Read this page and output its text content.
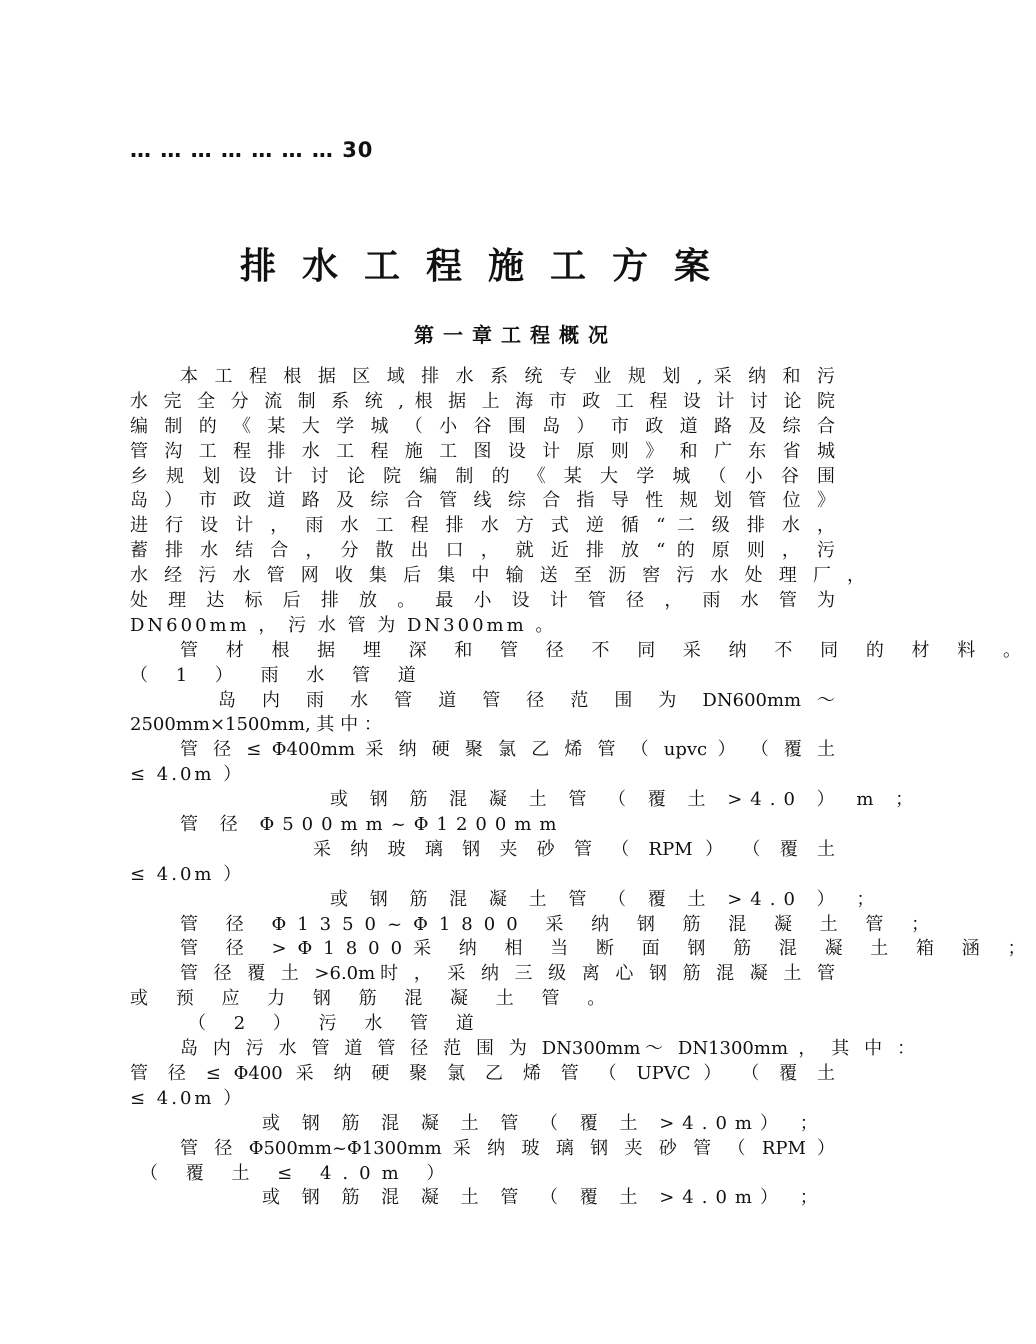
… … … … … … … 30
排水工程施工方案
第一章工程概况
本 工 程 根 据 区 域 排 水 系 统 专 业 规 划 , 采 纳 和 污
水 完 全 分 流 制 系 统 , 根 据 上 海 市 政 工 程 设 计 讨 论 院
编 制 的 《 某 大 学 城 （ 小 谷 围 岛 ） 市 政 道 路 及 综 合
管 沟 工 程 排 水 工 程 施 工 图 设 计 原 则 》 和 广 东 省 城
乡 规 划 设 计 讨 论 院 编 制 的 《 某 大 学 城 （ 小 谷 围
岛 ） 市 政 道 路 及 综 合 管 线 综 合 指 导 性 规 划 管 位 》
进 行 设 计 ， 雨 水 工 程 排 水 方 式 逆 循 “ 二 级 排 水 ，
蓄 排 水 结 合 ， 分 散 出 口 ， 就 近 排 放 “ 的 原 则 ， 污
水 经 污 水 管 网 收 集 后 集 中 输 送 至 沥 窖 污 水 处 理 厂 ，
处 理 达 标 后 排 放 。 最 小 设 计 管 径 ， 雨 水 管 为
DN600mm ， 污 水 管 为 DN300mm 。
管 材 根 据 埋 深 和 管 径 不 同 采 纳 不 同 的 材 料 。
（ 1 ） 雨 水 管 道
岛 内 雨 水 管 道 管 径 范 围 为 DN600mm ～
2500mm×1500mm, 其 中 ：
管 径 ≤ Φ400mm 采 纳 硬 聚 氯 乙 烯 管 （ upvc ） （ 覆 土
≤ 4.0m ）
或 钢 筋 混 凝 土 管 （ 覆 土 >4.0 ） m ；
管 径 Φ500mm~Φ1200mm
采 纳 玻 璃 钢 夹 砂 管 （ RPM ） （ 覆 土
≤ 4.0m ）
或 钢 筋 混 凝 土 管 （ 覆 土 >4.0 ） ；
管 径 Φ1350~Φ1800 采 纳 钢 筋 混 凝 土 管 ；
管 径 >Φ1800采 纳 相 当 断 面 钢 筋 混 凝 土 箱 涵 ；
管 径 覆 土 >6.0m时 ， 采 纳 三 级 离 心 钢 筋 混 凝 土 管
或 预 应 力 钢 筋 混 凝 土 管 。
（ 2 ） 污 水 管 道
岛 内 污 水 管 道 管 径 范 围 为 DN300mm～ DN1300mm ， 其 中 ：
管 径 ≤ Φ400 采 纳 硬 聚 氯 乙 烯 管 （ UPVC ） （ 覆 土
≤ 4.0m ）
或 钢 筋 混 凝 土 管 （ 覆 土 >4.0m） ；
管 径 Φ500mm~Φ1300mm 采 纳 玻 璃 钢 夹 砂 管 （ RPM ）
（ 覆 土 ≤ 4.0m ）
或 钢 筋 混 凝 土 管 （ 覆 土 >4.0m） ；
